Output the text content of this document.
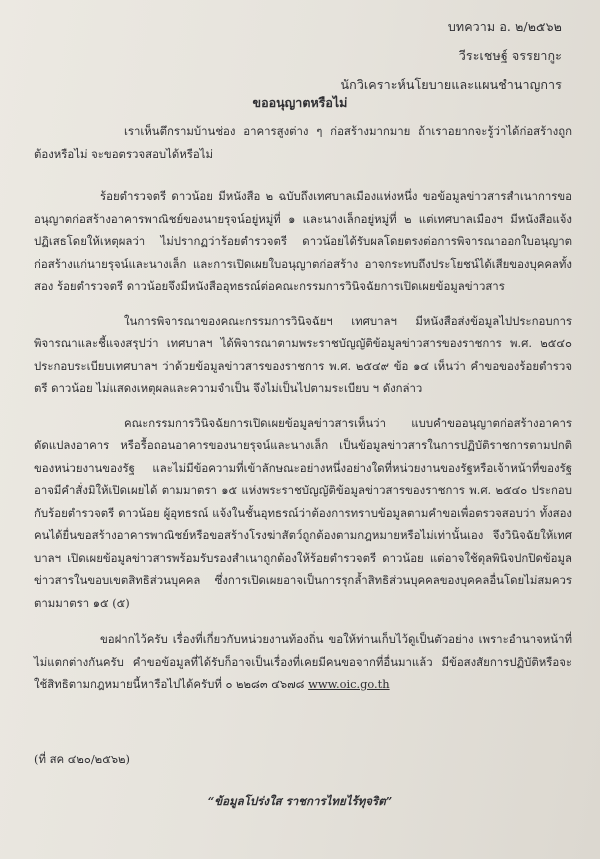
บทความ อ. ๒/๒๕๖๒
วีระเชษฐ์ จรรยากูะ
นักวิเคราะห์นโยบายและแผนชำนาญการ
ขออนุญาตหรือไม่

เราเห็นตึกรามบ้านช่อง อาคารสูงต่าง ๆ ก่อสร้างมากมาย ถ้าเราอยากจะรู้ว่าได้ก่อสร้างถูกต้องหรือไม่ จะขอตรวจสอบได้หรือไม่

ร้อยตำรวจตรี ดาวน้อย มีหนังสือ ๒ ฉบับถึงเทศบาลเมืองแห่งหนึ่ง ขอข้อมูลข่าวสารสำเนาการขออนุญาตก่อสร้างอาคารพาณิชย์ของนายรุจน์อยู่หมู่ที่ ๑ และนางเล็กอยู่หมู่ที่ ๒ แต่เทศบาลเมืองฯ มีหนังสือแจ้งปฏิเสธโดยให้เหตุผลว่า ไม่ปรากฏว่าร้อยตำรวจตรี ดาวน้อยได้รับผลโดยตรงต่อการพิจารณาออกใบอนุญาตก่อสร้างแก่นายรุจน์และนางเล็ก และการเปิดเผยใบอนุญาตก่อสร้าง อาจกระทบถึงประโยชน์ได้เสียของบุคคลทั้งสอง ร้อยตำรวจตรี ดาวน้อยจึงมีหนังสืออุทธรณ์ต่อคณะกรรมการวินิจฉัยการเปิดเผยข้อมูลข่าวสาร

ในการพิจารณาของคณะกรรมการวินิจฉัยฯ เทศบาลฯ มีหนังสือส่งข้อมูลไปประกอบการพิจารณาและชี้แจงสรุปว่า เทศบาลฯ ได้พิจารณาตามพระราชบัญญัติข้อมูลข่าวสารของราชการ พ.ศ. ๒๕๔๐ ประกอบระเบียบเทศบาลฯ ว่าด้วยข้อมูลข่าวสารของราชการ พ.ศ. ๒๕๔๙ ข้อ ๑๔ เห็นว่า คำขอของร้อยตำรวจตรี ดาวน้อย ไม่แสดงเหตุผลและความจำเป็น จึงไม่เป็นไปตามระเบียบ ฯ ดังกล่าว

คณะกรรมการวินิจฉัยการเปิดเผยข้อมูลข่าวสารเห็นว่า แบบคำขออนุญาตก่อสร้างอาคาร ดัดแปลงอาคาร หรือรื้อถอนอาคารของนายรุจน์และนางเล็ก เป็นข้อมูลข่าวสารในการปฏิบัติราชการตามปกติของหน่วยงานของรัฐ และไม่มีข้อความที่เข้าลักษณะอย่างหนึ่งอย่างใดที่หน่วยงานของรัฐหรือเจ้าหน้าที่ของรัฐอาจมีคำสั่งมิให้เปิดเผยได้ ตามมาตรา ๑๕ แห่งพระราชบัญญัติข้อมูลข่าวสารของราชการ พ.ศ. ๒๕๔๐ ประกอบกับร้อยตำรวจตรี ดาวน้อย ผู้อุทธรณ์ แจ้งในชั้นอุทธรณ์ว่าต้องการทราบข้อมูลตามคำขอเพื่อตรวจสอบว่า ทั้งสองคนได้ยื่นขอสร้างอาคารพาณิชย์หรือขอสร้างโรงฆ่าสัตว์ถูกต้องตามกฎหมายหรือไม่เท่านั้นเอง จึงวินิจฉัยให้เทศบาลฯ เปิดเผยข้อมูลข่าวสารพร้อมรับรองสำเนาถูกต้องให้ร้อยตำรวจตรี ดาวน้อย แต่อาจใช้ดุลพินิจปกปิดข้อมูลข่าวสารในขอบเขตสิทธิส่วนบุคคล ซึ่งการเปิดเผยอาจเป็นการรุกล้ำสิทธิส่วนบุคคลของบุคคลอื่นโดยไม่สมควร ตามมาตรา ๑๕ (๕)

ขอฝากไว้ครับ เรื่องที่เกี่ยวกับหน่วยงานท้องถิ่น ขอให้ท่านเก็บไว้ดูเป็นตัวอย่าง เพราะอำนาจหน้าที่ไม่แตกต่างกันครับ คำขอข้อมูลที่ได้รับก็อาจเป็นเรื่องที่เคยมีคนขอจากที่อื่นมาแล้ว มีข้อสงสัยการปฏิบัติหรือจะใช้สิทธิตามกฎหมายนี้หารือไปได้ครับที่ ๐ ๒๒๘๓ ๔๖๗๘ www.oic.go.th

(ที่ สค ๔๒๐/๒๕๖๒)
“ข้อมูลโปร่งใส ราชการไทยไร้ทุจริต”
